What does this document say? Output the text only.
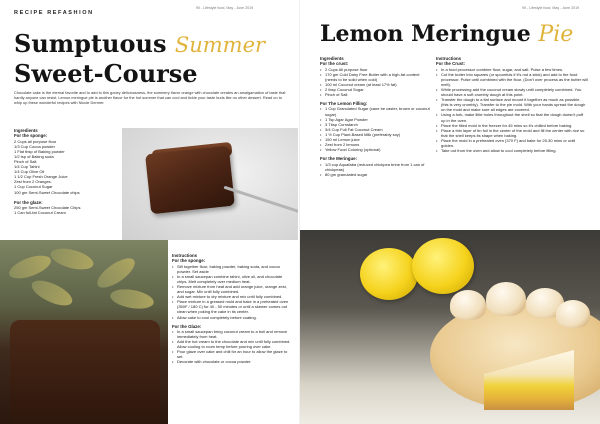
RECIPE REFASHION
90 - Lifestyle food, May - June 2019
Sumptuous Summer
Sweet-Course
Chocolate cake is the eternal favorite and to add to this gooey deliciousness, the summery flavor orange with chocolate creates an amalgamation of taste that hardly anyone can resist. Lemon meringue pie is another flavor for the hot summer that can cool and tickle your taste buds like no other dessert. Read on to whip up these wonderful recipes with Nicole Dermer.
Ingredients
For the sponge:
2 Cups all purpose flour
1/3 Cup Cocoa powder
1 Flat tbsp of Baking powder
1/2 tsp of Baking soda
Pinch of Salt
1/4 Cup Tahini
1/4 Cup Olive Oil
1 1/2 Cup Fresh Orange Juice
Zest from 2 Oranges.
1 Cup Coconut Sugar
100 gm Semi-Sweet Chocolate chips
For the glaze:
250 gm Semi-Sweet Chocolate Chips
1 Can full-fat Coconut Cream
Instructions
For the sponge:
• Sift together flour, baking powder, baking soda, and cocoa powder. Set aside
• In a small saucepan combine tahini, olive oil, and chocolate chips. Melt completely over medium heat.
• Remove mixture from heat and add orange juice, orange zest, and sugar. Mix until fully combined.
• Add wet mixture to dry mixture and mix until fully combined.
• Place mixture in a greased mold and bake in a preheated oven (350F / 180 C) for 40 - 50 minutes or until a skewer comes out clean when poking the cake in its center.
• Allow cake to cool completely before coating.
For the Glaze:
• In a small saucepan bring coconut cream to a boil and remove immediately from heat.
• Add the hot cream to the chocolate and mix until fully combined. Allow cooling to room temp before pouring over cake.
• Pour glaze over cake and chill for an hour to allow the glaze to set.
• Decorate with chocolate or cocoa powder.
90 - Lifestyle food, May - June 2019
Lemon Meringue Pie
Ingredients
For the crust:
• 2 Cups All purpose flour
• 170 gm Cold Dairy Free Butter with a high-fat content (needs to be solid when cold)
• 100 ml Coconut cream (at least 17% fat)
• 2 tbsp Coconut Sugar
• Pinch of Salt
For The Lemon Filling:
• 1 Cup Granulated Sugar (cane be caster, brown or coconut sugar)
• 1 Tsp Agar Agar Powder
• 3 Tbsp Cornstarch
• 3/4 Cup Full Fat Coconut Cream
• 1 ½ Cup Plant-Based Milk (preferably soy)
• 150 ml Lemon juice
• Zest from 2 lemons
• Yellow Food Coloring (optional)
For the Meringue:
• 1/3 cup Aquafaba (reduced chickpea brine from 1 can of chickpeas)
• 80 gm granulated sugar
Instructions
For the Crust:
• In a food processor combine flour, sugar, and salt. Pulse a few times.
• Cut the butter into squares (or spoonfuls if it's not a stick) and add to the food processor. Pulse until combined with the flour. (Don't over process as the butter will melt).
• While processing add the coconut cream slowly until completely combined. You should have a soft crumbly dough at this point.
• Transfer the dough to a flat surface and mount it together as much as possible. (this is very crumbly). Transfer to the pie mold. With your hands spread the dough on the mold and make sure all edges are covered.
• Using a fork, make little holes throughout the shell so that the dough doesn't puff up in the oven.
• Place the filled mold in the freezer for 45 mins so it's chilled before baking.
• Place a thin layer of tin foil in the center of the mold and fill the center with rice so that the shell keeps its shape when baking.
• Place the mold in a preheated oven (370 F) and bake for 25-30 mins or until golden.
• Take out from the oven and allow to cool completely before filling.
